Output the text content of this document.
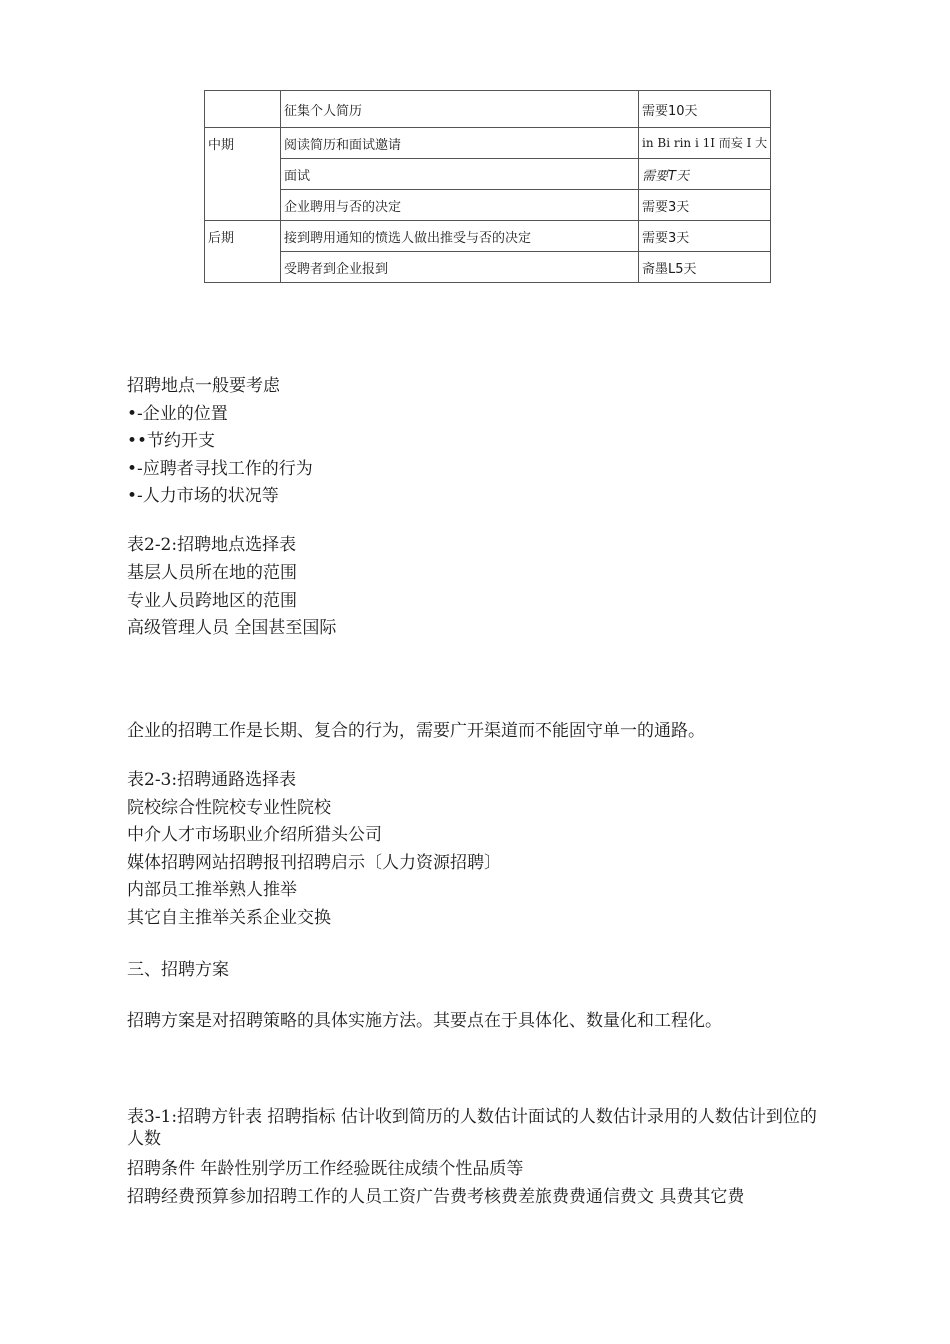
	征集个人简历	需要10天
中期	阅读简历和面试邀请	in Bi rin i 1I 而妄 I 大
	面试	需要T天
	企业聘用与否的决定	需要3天
后期	接到聘用通知的愤选人做出推受与否的决定	需要3天
	受聘者到企业报到	斋墨L5天
招聘地点一般要考虑
•-企业的位置
••节约开支
•-应聘者寻找工作的行为
•-人力市场的状况等
表2-2:招聘地点选择表
基层人员所在地的范围
专业人员跨地区的范围
高级管理人员 全国甚至国际
企业的招聘工作是长期、复合的行为，需要广开渠道而不能固守单一的通路。
表2-3:招聘通路选择表
院校综合性院校专业性院校
中介人才市场职业介绍所猎头公司
媒体招聘网站招聘报刊招聘启示〔人力资源招聘〕
内部员工推举熟人推举
其它自主推举关系企业交换
三、招聘方案
招聘方案是对招聘策略的具体实施方法。其要点在于具体化、数量化和工程化。
表3-1:招聘方针表 招聘指标 估计收到简历的人数估计面试的人数估计录用的人数估计到位的 人数
招聘条件 年龄性别学历工作经验既往成绩个性品质等
招聘经费预算参加招聘工作的人员工资广告费考核费差旅费费通信费文 具费其它费
